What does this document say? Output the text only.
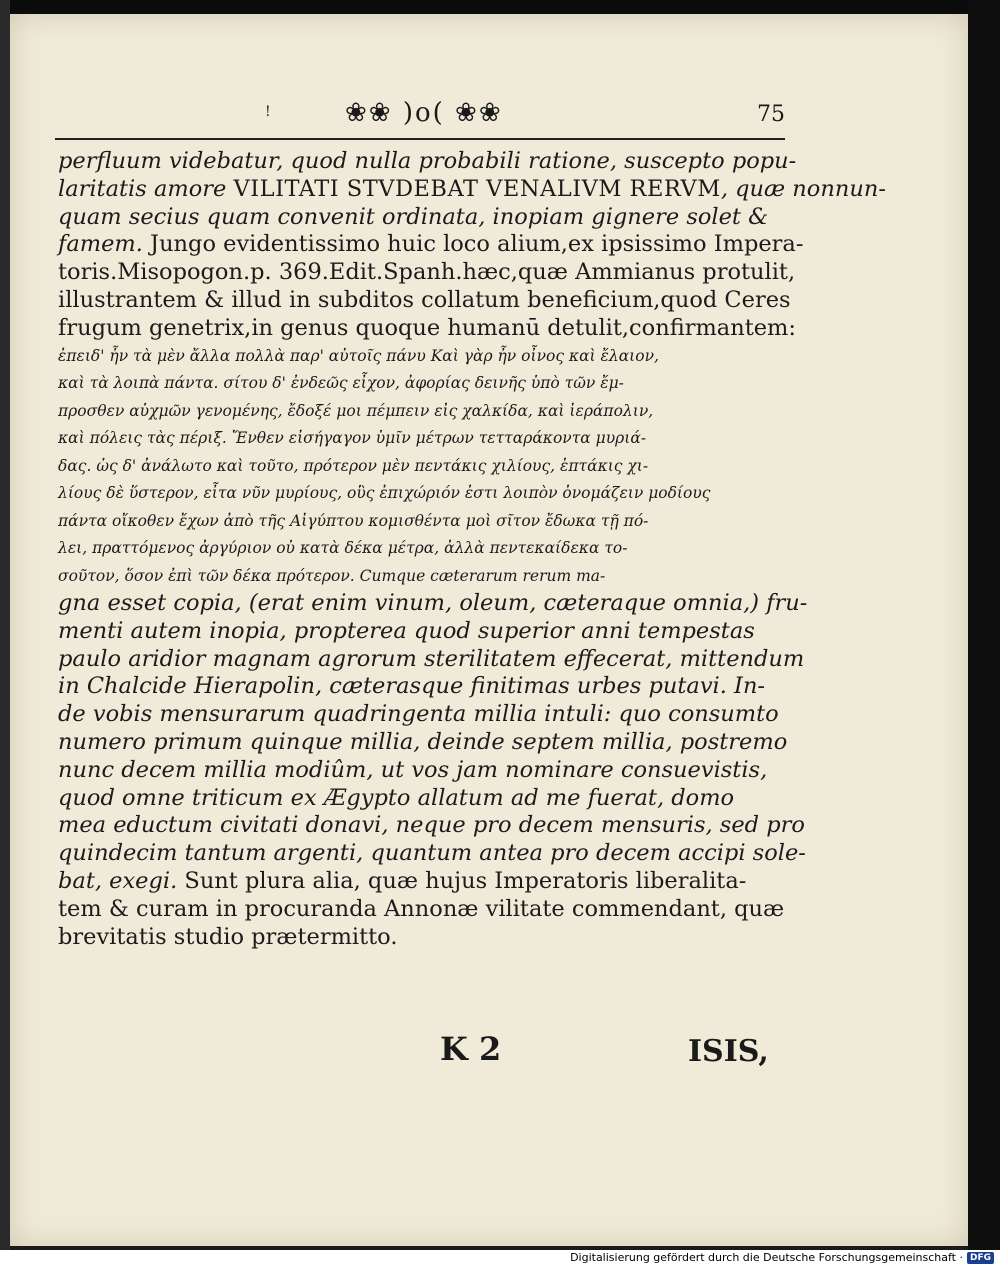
!	❀❀ )o( ❀❀	75
perfluum videbatur, quod nulla probabili ratione, suscepto popu-
laritatis amore VILITATI STVDEBAT VENALIVM RERVM, quæ nonnun-
quam secius quam convenit ordinata, inopiam gignere solet &
famem. Jungo evidentissimo huic loco alium,ex ipsissimo Impera-
toris.Misopogon.p. 369.Edit.Spanh.hæc,quæ Ammianus protulit,
illustrantem & illud in subditos collatum beneficium,quod Ceres
frugum genetrix,in genus quoque humanū detulit,confirmantem:
ἐπειδ' ἦν τὰ μὲν ἄλλα πολλὰ παρ' αὐτοῖς πάνυ Καὶ γὰρ ἦν οἶνος καὶ ἔλαιον,
καὶ τὰ λοιπὰ πάντα. σίτου δ' ἐνδεῶς εἶχον, ἀφορίας δεινῆς ὑπὸ τῶν ἔμ-
προσθεν αὐχμῶν γενομένης, ἔδοξέ μοι πέμπειν εἰς χαλκίδα, καὶ ἱεράπολιν,
καὶ πόλεις τὰς πέριξ. Ἔνθεν εἰσήγαγον ὑμῖν μέτρων τετταράκοντα μυριά-
δας. ὡς δ' ἀνάλωτο καὶ τοῦτο, πρότερον μὲν πεντάκις χιλίους, ἑπτάκις χι-
λίους δὲ ὕστερον, εἶτα νῦν μυρίους, οὓς ἐπιχώριόν ἐστι λοιπὸν ὀνομάζειν μοδίους
πάντα οἴκοθεν ἔχων ἀπὸ τῆς Αἰγύπτου κομισθέντα μοὶ σῖτον ἔδωκα τῇ πό-
λει, πραττόμενος ἀργύριον οὐ κατὰ δέκα μέτρα, ἀλλὰ πεντεκαίδεκα το-
σοῦτον, ὅσον ἐπὶ τῶν δέκα πρότερον. Cumque cæterarum rerum ma-
gna esset copia, (erat enim vinum, oleum, cæteraque omnia,) fru-
menti autem inopia, propterea quod superior anni tempestas
paulo aridior magnam agrorum sterilitatem effecerat, mittendum
in Chalcide Hierapolin, cæterasque finitimas urbes putavi. In-
de vobis mensurarum quadringenta millia intuli: quo consumto
numero primum quinque millia, deinde septem millia, postremo
nunc decem millia modiûm, ut vos jam nominare consuevistis,
quod omne triticum ex Ægypto allatum ad me fuerat, domo
mea eductum civitati donavi, neque pro decem mensuris, sed pro
quindecim tantum argenti, quantum antea pro decem accipi sole-
bat, exegi. Sunt plura alia, quæ hujus Imperatoris liberalita-
tem & curam in procuranda Annonæ vilitate commendant, quæ
brevitatis studio prætermitto.
K 2	ISIS,
Digitalisierung gefördert durch die Deutsche Forschungsgemeinschaft · DFG
